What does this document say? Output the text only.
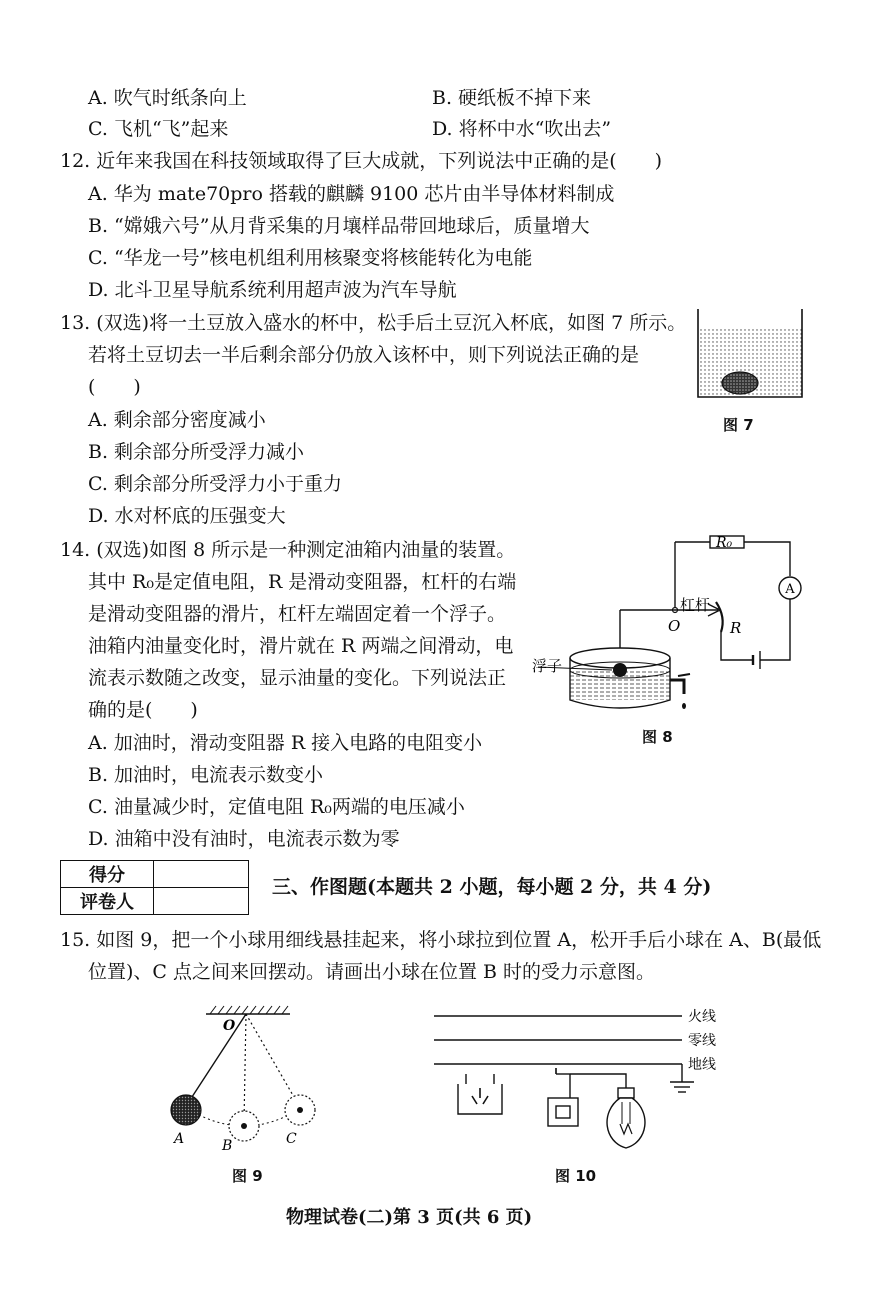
A. 吹气时纸条向上	B. 硬纸板不掉下来
C. 飞机“飞”起来	D. 将杯中水“吹出去”
12. 近年来我国在科技领域取得了巨大成就，下列说法中正确的是(　　)
A. 华为 mate70pro 搭载的麒麟 9100 芯片由半导体材料制成
B. “嫦娥六号”从月背采集的月壤样品带回地球后，质量增大
C. “华龙一号”核电机组利用核聚变将核能转化为电能
D. 北斗卫星导航系统利用超声波为汽车导航
13. (双选)将一土豆放入盛水的杯中，松手后土豆沉入杯底，如图 7 所示。
若将土豆切去一半后剩余部分仍放入该杯中，则下列说法正确的是
(　　)
A. 剩余部分密度减小
B. 剩余部分所受浮力减小
C. 剩余部分所受浮力小于重力
D. 水对杯底的压强变大
图 7
14. (双选)如图 8 所示是一种测定油箱内油量的装置。
其中 R₀是定值电阻，R 是滑动变阻器，杠杆的右端
是滑动变阻器的滑片，杠杆左端固定着一个浮子。
油箱内油量变化时，滑片就在 R 两端之间滑动，电
流表示数随之改变，显示油量的变化。下列说法正
确的是(　　)
A. 加油时，滑动变阻器 R 接入电路的电阻变小
B. 加油时，电流表示数变小
C. 油量减少时，定值电阻 R₀两端的电压减小
D. 油箱中没有油时，电流表示数为零
A
R₀
杠杆
O	R
浮子
图 8
得分	
评卷人	
三、作图题(本题共 2 小题，每小题 2 分，共 4 分)
15. 如图 9，把一个小球用细线悬挂起来，将小球拉到位置 A，松开手后小球在 A、B(最低
位置)、C 点之间来回摆动。请画出小球在位置 B 时的受力示意图。
O
A	B	C
图 9
火线
零线
地线
图 10
物理试卷(二)第 3 页(共 6 页)
